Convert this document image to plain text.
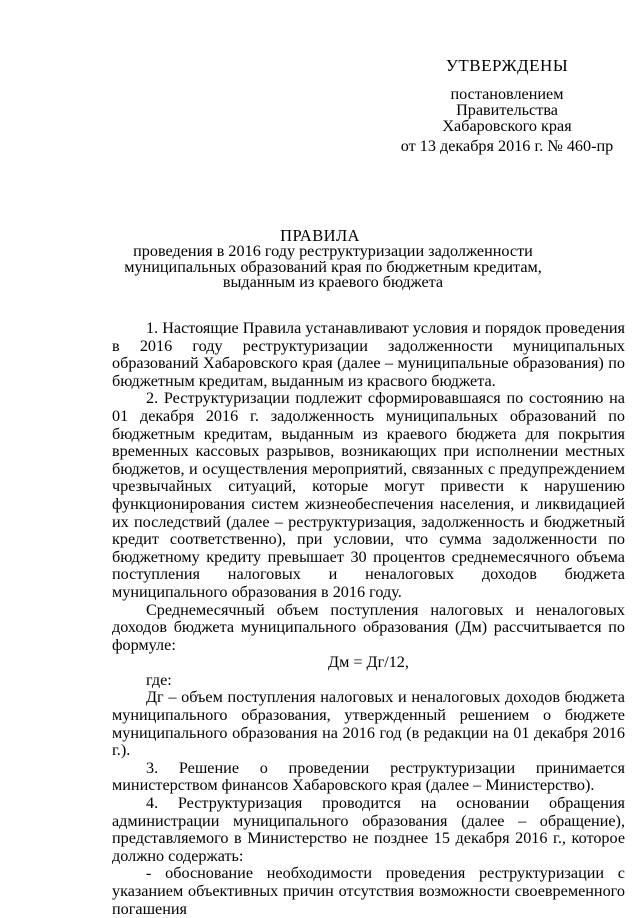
УТВЕРЖДЕНЫ
постановлением
Правительства
Хабаровского края
от 13 декабря 2016 г. № 460-пр
ПРАВИЛА
проведения в 2016 году реструктуризации задолженности
муниципальных образований края по бюджетным кредитам,
выданным из краевого бюджета

1. Настоящие Правила устанавливают условия и порядок проведения в 2016 году реструктуризации задолженности муниципальных образований Хабаровского края (далее – муниципальные образования) по бюджетным кредитам, выданным из красвого бюджета.

2. Реструктуризации подлежит сформировавшаяся по состоянию на 01 декабря 2016 г. задолженность муниципальных образований по бюджетным кредитам, выданным из краевого бюджета для покрытия временных кассовых разрывов, возникающих при исполнении местных бюджетов, и осуществления мероприятий, связанных с предупреждением чрезвычайных ситуаций, которые могут привести к нарушению функционирования систем жизнеобеспечения населения, и ликвидацией их последствий (далее – реструктуризация, задолженность и бюджетный кредит соответственно), при условии, что сумма задолженности по бюджетному кредиту превышает 30 процентов среднемесячного объема поступления налоговых и неналоговых доходов бюджета муниципального образования в 2016 году.

Среднемесячный объем поступления налоговых и неналоговых доходов бюджета муниципального образования (Дм) рассчитывается по формуле:

Дм = Дг/12,

где:

Дг – объем поступления налоговых и неналоговых доходов бюджета муниципального образования, утвержденный решением о бюджете муниципального образования на 2016 год (в редакции на 01 декабря 2016 г.).

3. Решение о проведении реструктуризации принимается министерством финансов Хабаровского края (далее – Министерство).

4. Реструктуризация проводится на основании обращения администрации муниципального образования (далее – обращение), представляемого в Министерство не позднее 15 декабря 2016 г., которое должно содержать:

- обоснование необходимости проведения реструктуризации с указанием объективных причин отсутствия возможности своевременного погашения
